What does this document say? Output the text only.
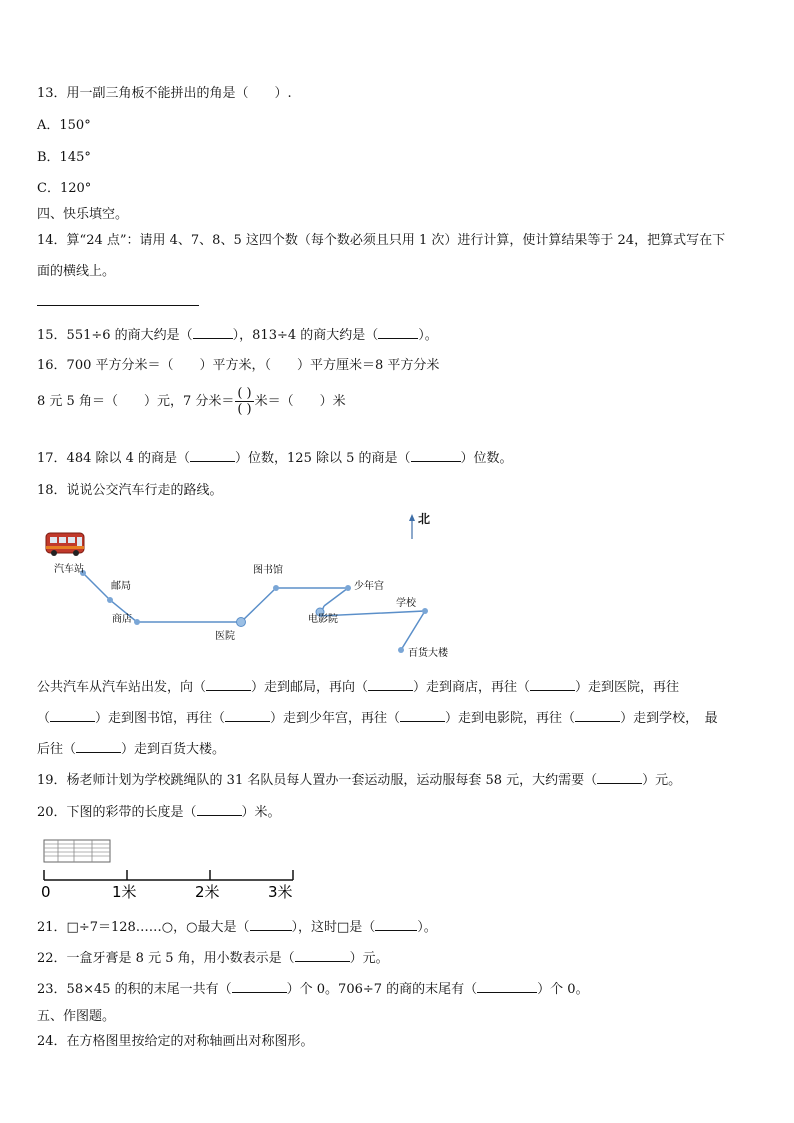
13．用一副三角板不能拼出的角是（　　）.
A．150°
B．145°
C．120°
四、快乐填空。
14．算“24 点”：请用 4、7、8、5 这四个数（每个数必须且只用 1 次）进行计算，使计算结果等于 24，把算式写在下
面的横线上。
15．551÷6 的商大约是（	），813÷4 的商大约是（	）。
16．700 平方分米＝（　　）平方米，（　　）平方厘米＝8 平方分米
8 元 5 角＝（　　）元，7 分米＝ $\frac{( )}{( )}$ 米＝（　　）米
17．484 除以 4 的商是（	）位数，125 除以 5 的商是（	）位数。
18．说说公交汽车行走的路线。
北
汽车站
邮局
商店
医院
图书馆
少年宫
电影院
学校
百货大楼
公共汽车从汽车站出发，向（	）走到邮局，再向（	）走到商店，再往（	）走到医院，再往
（	）走到图书馆，再往（	）走到少年宫，再往（	）走到电影院，再往（	）走到学校，　最
后往（	）走到百货大楼。
19．杨老师计划为学校跳绳队的 31 名队员每人置办一套运动服，运动服每套 58 元，大约需要（	）元。
20．下图的彩带的长度是（	）米。
0	1米	2米	3米
21．□÷7＝128……○，○最大是（	），这时□是（	）。
22．一盒牙膏是 8 元 5 角，用小数表示是（	）元。
23．58×45 的积的末尾一共有（	）个 0。706÷7 的商的末尾有（	）个 0。
五、作图题。
24．在方格图里按给定的对称轴画出对称图形。
